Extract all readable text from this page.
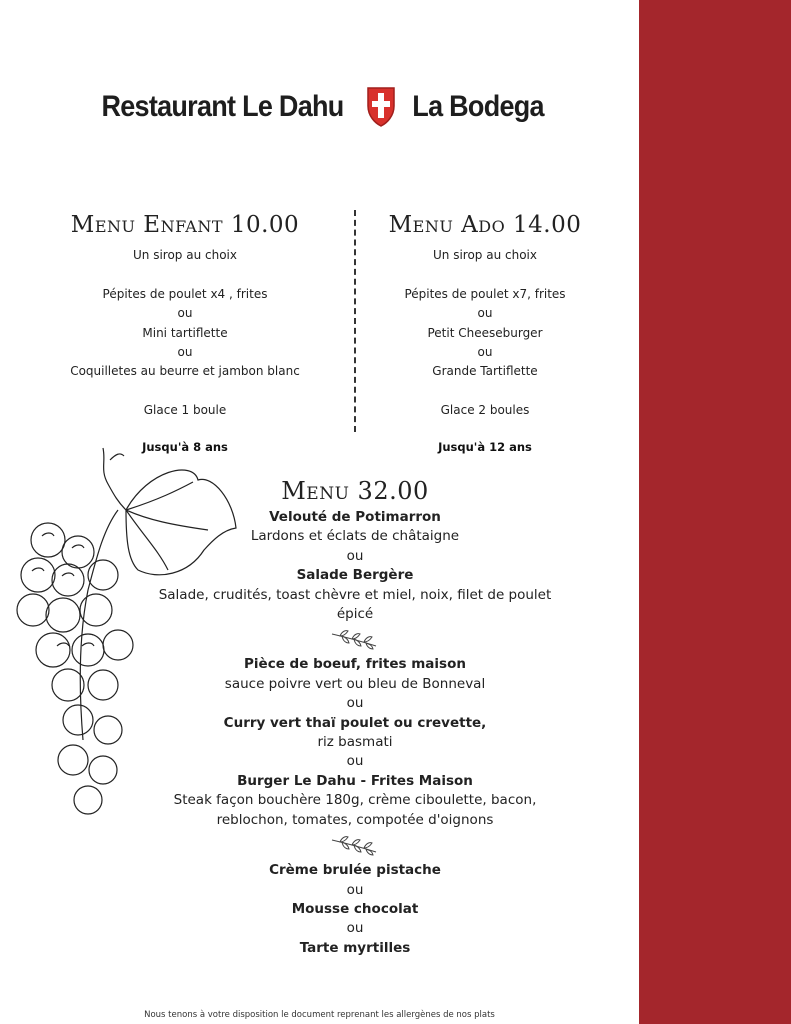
Restaurant Le Dahu La Bodega
Menu Enfant 10.00
Un sirop au choix

Pépites de poulet x4 , frites
ou
Mini tartiflette
ou
Coquilletes au beurre et jambon blanc

Glace 1 boule

Jusqu'à 8 ans
Menu Ado 14.00
Un sirop au choix

Pépites de poulet x7, frites
ou
Petit Cheeseburger
ou
Grande Tartiflette

Glace 2 boules

Jusqu'à 12 ans
Menu 32.00
Velouté de Potimarron
Lardons et éclats de châtaigne
ou
Salade Bergère
Salade, crudités, toast chèvre et miel, noix, filet de poulet
épicé
Pièce de boeuf, frites maison
sauce poivre vert ou bleu de Bonneval
ou
Curry vert thaï poulet ou crevette,
riz basmati
ou
Burger Le Dahu - Frites Maison
Steak façon bouchère 180g, crème ciboulette, bacon,
reblochon, tomates, compotée d'oignons
Crème brulée pistache
ou
Mousse chocolat
ou
Tarte myrtilles
Nous tenons à votre disposition le document reprenant les allergènes de nos plats
